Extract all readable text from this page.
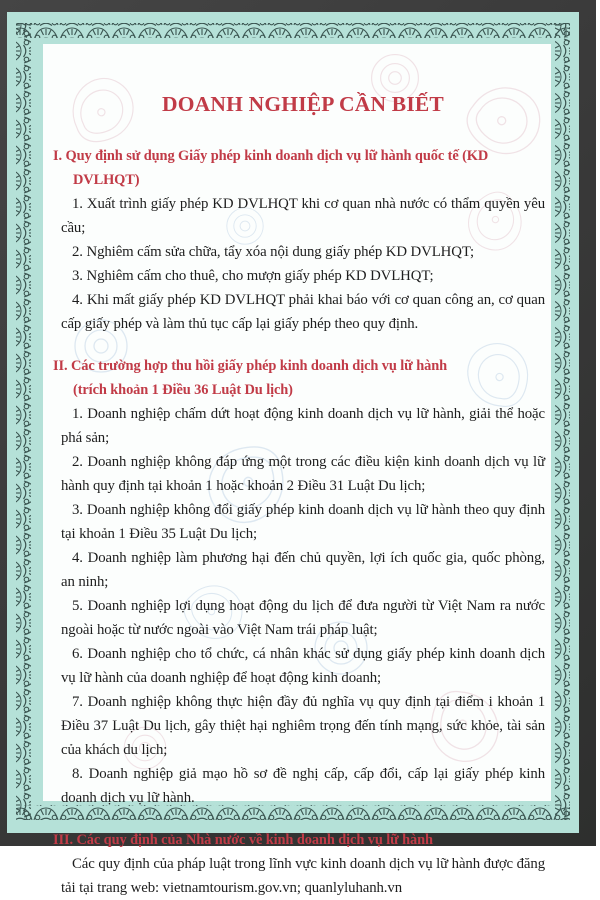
DOANH NGHIỆP CẦN BIẾT
I. Quy định sử dụng Giấy phép kinh doanh dịch vụ lữ hành quốc tế (KD DVLHQT)

1. Xuất trình giấy phép KD DVLHQT khi cơ quan nhà nước có thẩm quyền yêu cầu;

2. Nghiêm cấm sửa chữa, tẩy xóa nội dung giấy phép KD DVLHQT;

3. Nghiêm cấm cho thuê, cho mượn giấy phép KD DVLHQT;

4. Khi mất giấy phép KD DVLHQT phải khai báo với cơ quan công an, cơ quan cấp giấy phép và làm thủ tục cấp lại giấy phép theo quy định.

II. Các trường hợp thu hồi giấy phép kinh doanh dịch vụ lữ hành
(trích khoản 1 Điều 36 Luật Du lịch)

1. Doanh nghiệp chấm dứt hoạt động kinh doanh dịch vụ lữ hành, giải thể hoặc phá sản;

2. Doanh nghiệp không đáp ứng một trong các điều kiện kinh doanh dịch vụ lữ hành quy định tại khoản 1 hoặc khoản 2 Điều 31 Luật Du lịch;

3. Doanh nghiệp không đổi giấy phép kinh doanh dịch vụ lữ hành theo quy định tại khoản 1 Điều 35 Luật Du lịch;

4. Doanh nghiệp làm phương hại đến chủ quyền, lợi ích quốc gia, quốc phòng, an ninh;

5. Doanh nghiệp lợi dụng hoạt động du lịch để đưa người từ Việt Nam ra nước ngoài hoặc từ nước ngoài vào Việt Nam trái pháp luật;

6. Doanh nghiệp cho tổ chức, cá nhân khác sử dụng giấy phép kinh doanh dịch vụ lữ hành của doanh nghiệp để hoạt động kinh doanh;

7. Doanh nghiệp không thực hiện đầy đủ nghĩa vụ quy định tại điểm i khoản 1 Điều 37 Luật Du lịch, gây thiệt hại nghiêm trọng đến tính mạng, sức khỏe, tài sản của khách du lịch;

8. Doanh nghiệp giả mạo hồ sơ đề nghị cấp, cấp đổi, cấp lại giấy phép kinh doanh dịch vụ lữ hành.

III. Các quy định của Nhà nước về kinh doanh dịch vụ lữ hành

Các quy định của pháp luật trong lĩnh vực kinh doanh dịch vụ lữ hành được đăng tải tại trang web: vietnamtourism.gov.vn; quanlyluhanh.vn
